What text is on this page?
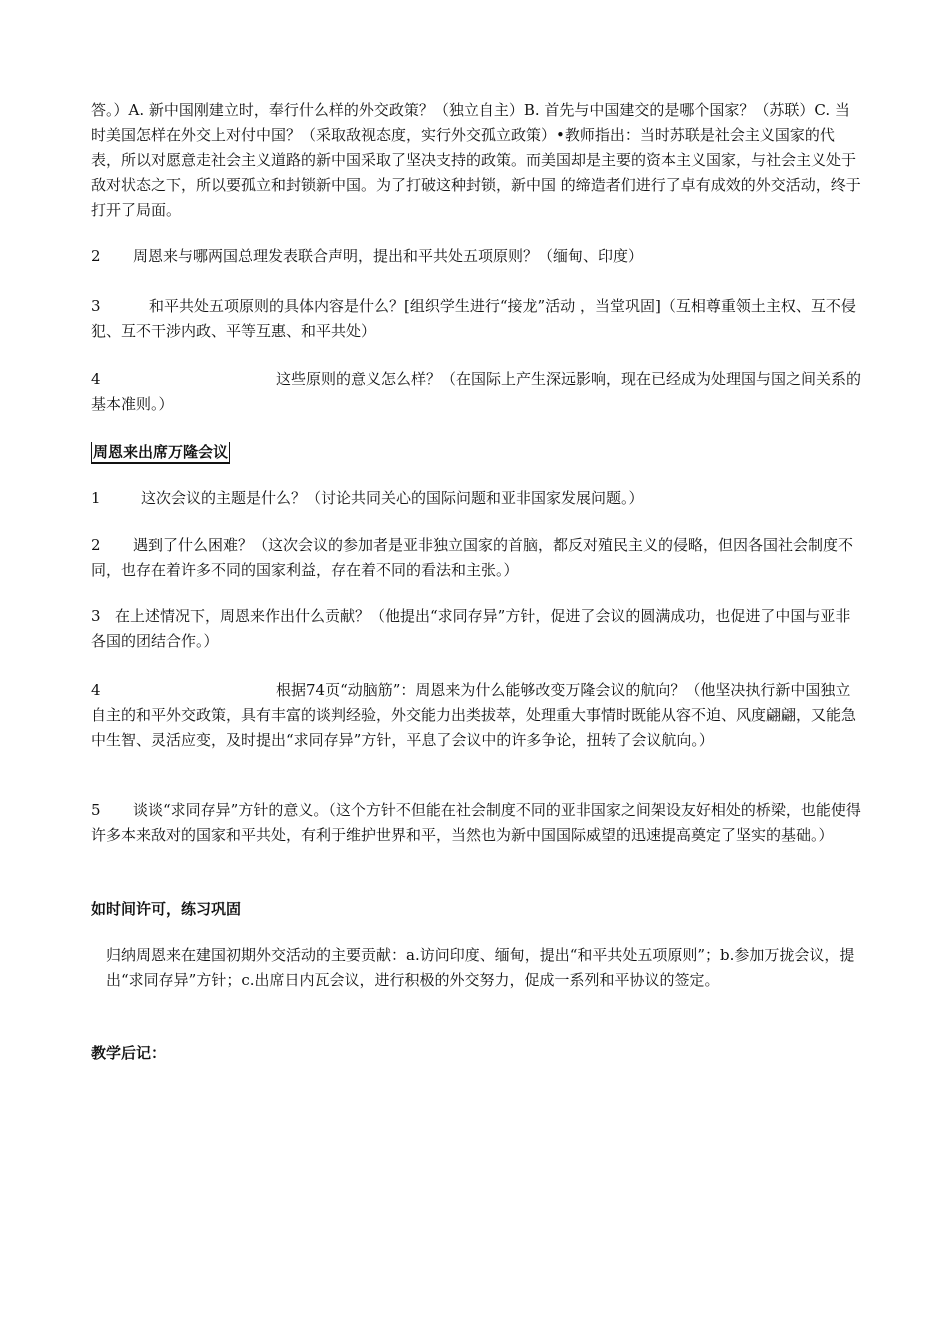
答。）A. 新中国刚建立时，奉行什么样的外交政策？（独立自主）B. 首先与中国建交的是哪个国家？（苏联）C. 当时美国怎样在外交上对付中国？（采取敌视态度，实行外交孤立政策）•教师指出：当时苏联是社会主义国家的代表，所以对愿意走社会主义道路的新中国采取了坚决支持的政策。而美国却是主要的资本主义国家，与社会主义处于敌对状态之下，所以要孤立和封锁新中国。为了打破这种封锁，新中国 的缔造者们进行了卓有成效的外交活动，终于打开了局面。

2 周恩来与哪两国总理发表联合声明，提出和平共处五项原则？（缅甸、印度）

3	和平共处五项原则的具体内容是什么？[组织学生进行“接龙”活动 ，当堂巩固]（互相尊重领土主权、互不侵犯、互不干涉内政、平等互惠、和平共处）

4	这些原则的意义怎么样？（在国际上产生深远影响，现在已经成为处理国与国之间关系的基本准则。）

周恩来出席万隆会议

1	这次会议的主题是什么？（讨论共同关心的国际问题和亚非国家发展问题。）

2 遇到了什么困难？（这次会议的参加者是亚非独立国家的首脑，都反对殖民主义的侵略，但因各国社会制度不同，也存在着许多不同的国家利益，存在着不同的看法和主张。）

3 在上述情况下，周恩来作出什么贡献？（他提出“求同存异”方针，促进了会议的圆满成功，也促进了中国与亚非各国的团结合作。）

4	根据74页“动脑筋”：周恩来为什么能够改变万隆会议的航向？（他坚决执行新中国独立自主的和平外交政策，具有丰富的谈判经验，外交能力出类拔萃，处理重大事情时既能从容不迫、风度翩翩，又能急中生智、灵活应变，及时提出“求同存异”方针，平息了会议中的许多争论，扭转了会议航向。）

5 谈谈“求同存异”方针的意义。（这个方针不但能在社会制度不同的亚非国家之间架设友好相处的桥梁，也能使得许多本来敌对的国家和平共处，有利于维护世界和平，当然也为新中国国际威望的迅速提高奠定了坚实的基础。）

如时间许可，练习巩固

归纳周恩来在建国初期外交活动的主要贡献：a.访问印度、缅甸，提出“和平共处五项原则”；b.参加万拢会议，提出“求同存异”方针；c.出席日内瓦会议，进行积极的外交努力，促成一系列和平协议的签定。

教学后记：
